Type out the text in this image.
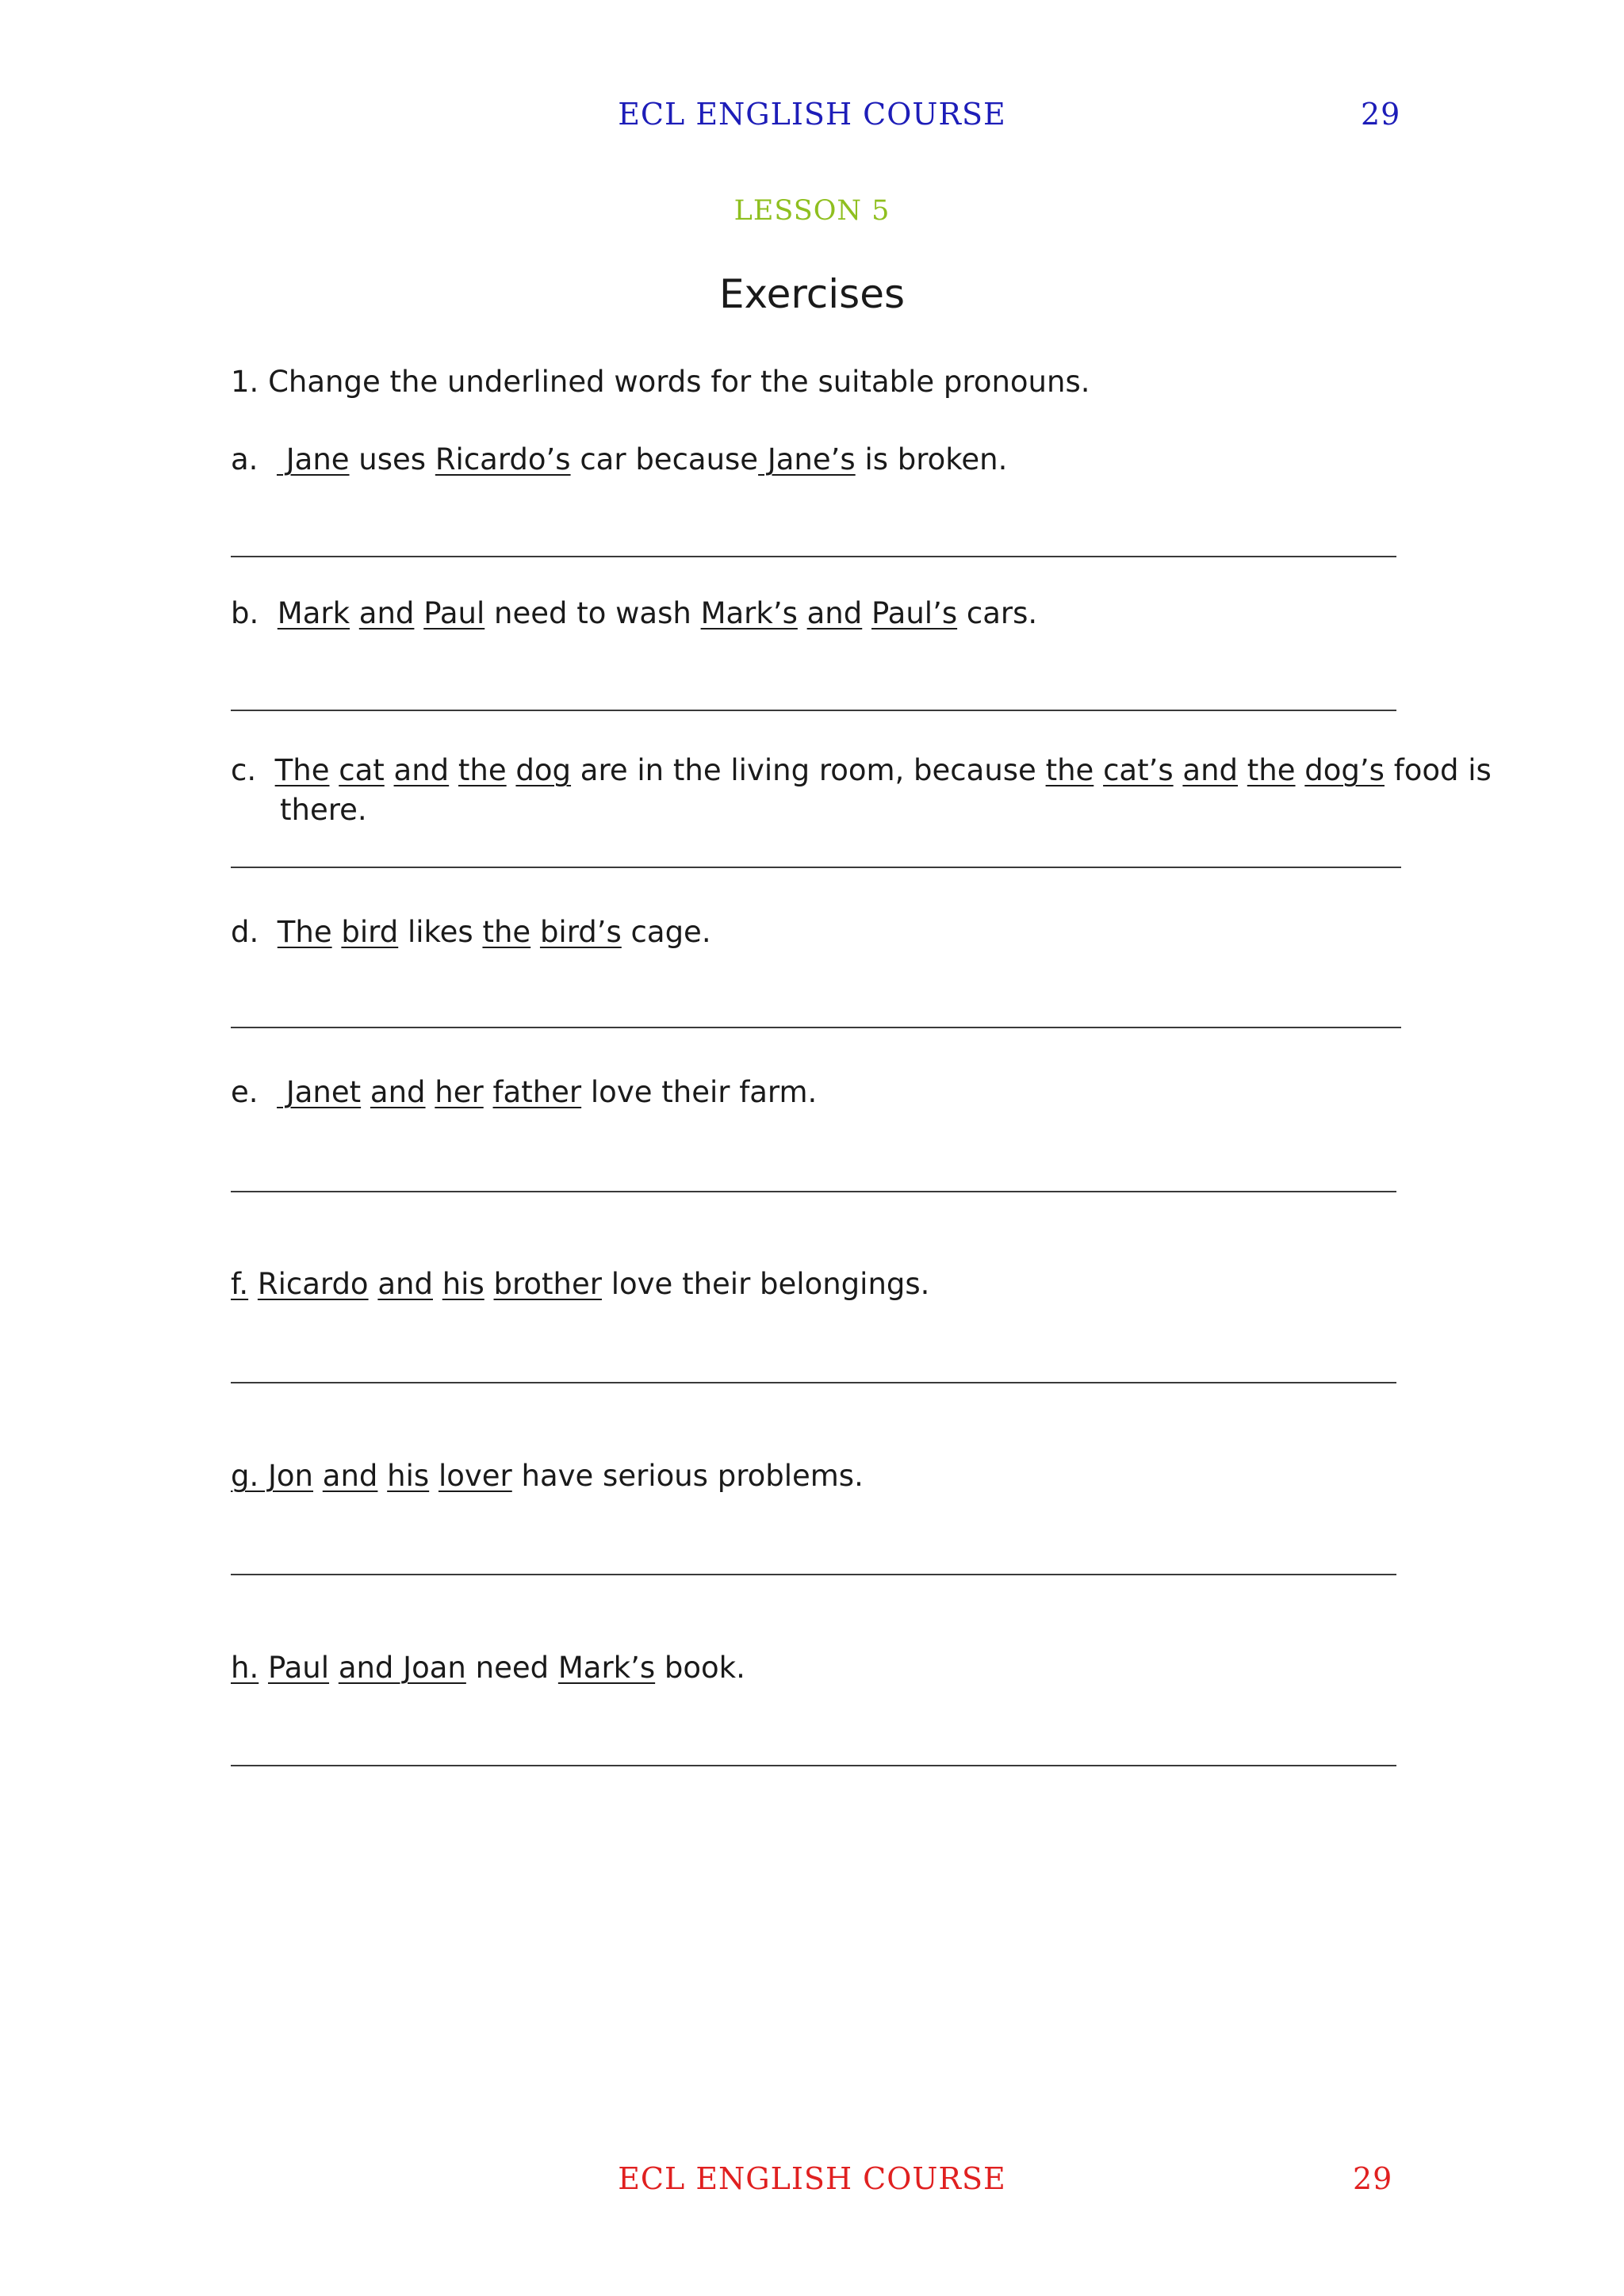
ECL ENGLISH COURSE	29
LESSON 5
Exercises
1. Change the underlined words for the suitable pronouns.
a.   Jane uses Ricardo’s car because Jane’s is broken.
b.  Mark and Paul need to wash Mark’s and Paul’s cars.
c.  The cat and the dog are in the living room, because the cat’s and the dog’s food is
there.
d.  The bird likes the bird’s cage.
e.   Janet and her father love their farm.
f. Ricardo and his brother love their belongings.
g. Jon and his lover have serious problems.
h. Paul and Joan need Mark’s book.
ECL ENGLISH COURSE	29
